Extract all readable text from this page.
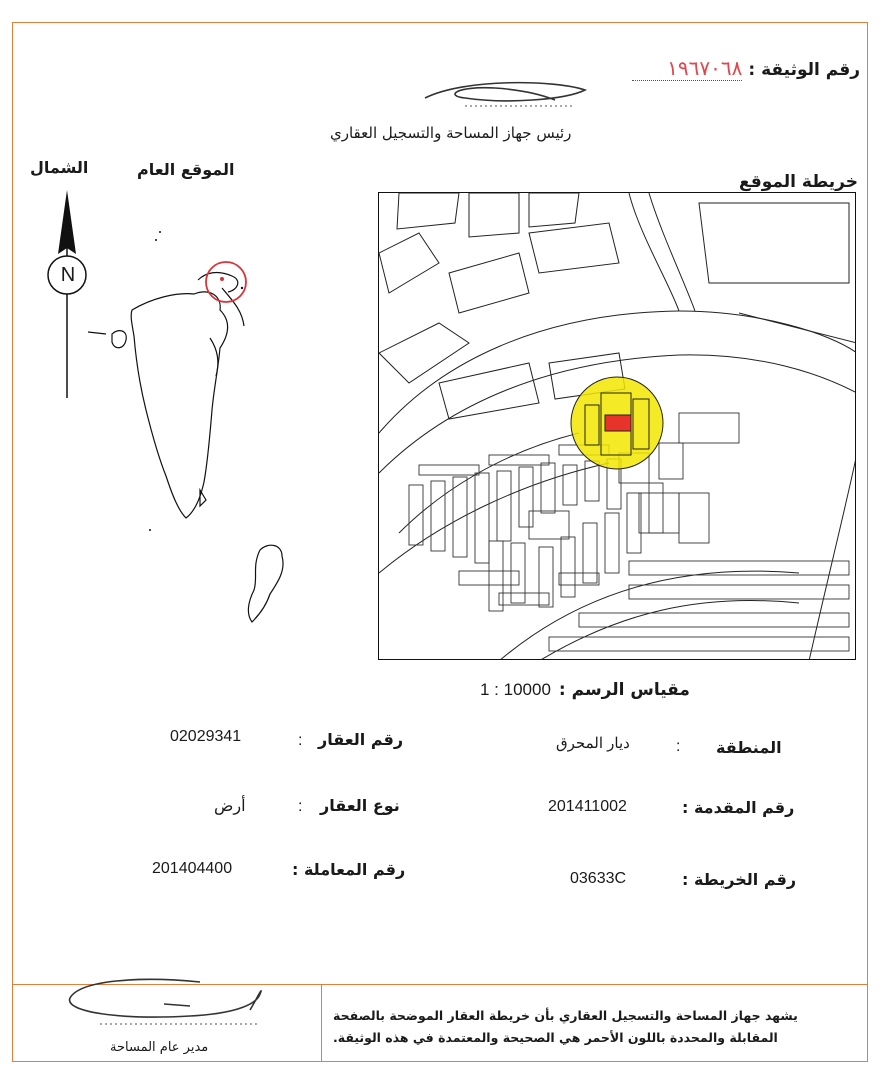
رقم الوثيقة :
١٩٦٧٠٦٨
رئيس جهاز المساحة والتسجيل العقاري
خريطة الموقع
الشمال	الموقع العام
N
مقياس الرسم :
1 : 10000
المنطقة
:
ديار المحرق
رقم المقدمة :
201411002
رقم الخريطة :
03633C
رقم العقار
:
02029341
نوع العقار
:
أرض
رقم المعاملة :
201404400
يشهد جهاز المساحة والتسجيل العقاري بأن خريطة العقار الموضحة بالصفحة
المقابلة والمحددة باللون الأحمر هي الصحيحة والمعتمدة في هذه الوثيقة.
مدير عام المساحة
